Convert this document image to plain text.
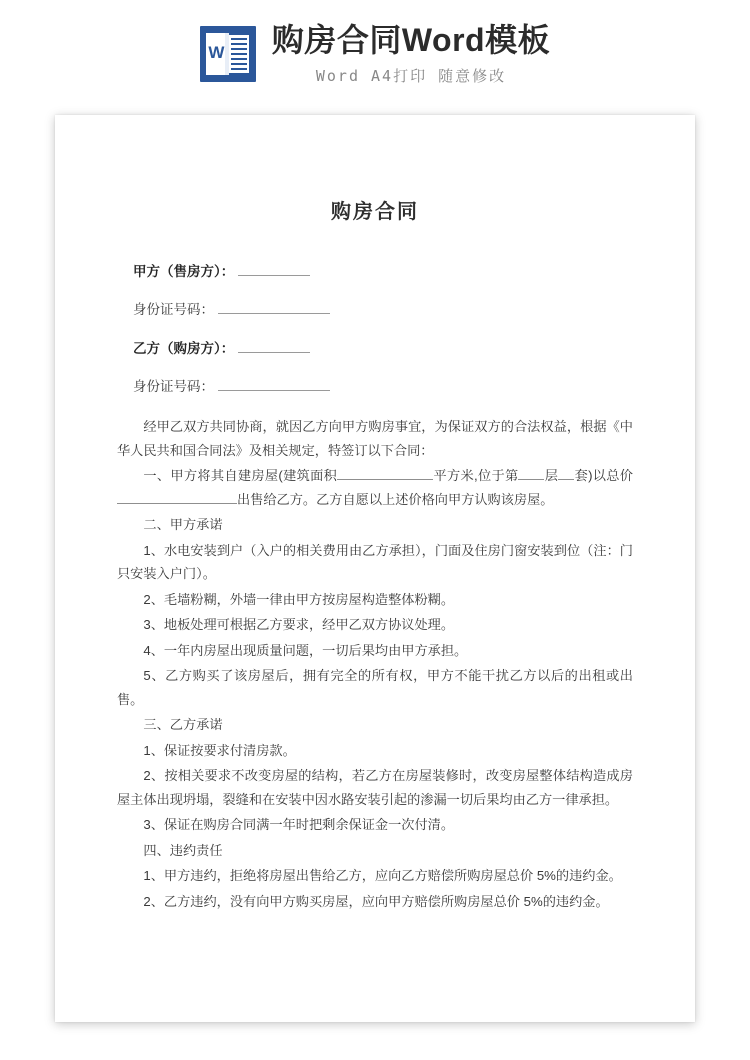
W 购房合同Word模板
Word A4打印 随意修改
购房合同
甲方（售房方）：
身份证号码：
乙方（购房方）：
身份证号码：

经甲乙双方共同协商，就因乙方向甲方购房事宜，为保证双方的合法权益，根据《中华人民共和国合同法》及相关规定，特签订以下合同：

一、甲方将其自建房屋(建筑面积	平方米,位于第 层 套)以总价出售给乙方。乙方自愿以上述价格向甲方认购该房屋。

二、甲方承诺

1、水电安装到户（入户的相关费用由乙方承担），门面及住房门窗安装到位（注：门只安装入户门）。

2、毛墙粉糊，外墙一律由甲方按房屋构造整体粉糊。

3、地板处理可根据乙方要求，经甲乙双方协议处理。

4、一年内房屋出现质量问题，一切后果均由甲方承担。

5、乙方购买了该房屋后，拥有完全的所有权，甲方不能干扰乙方以后的出租或出售。

三、乙方承诺

1、保证按要求付清房款。

2、按相关要求不改变房屋的结构，若乙方在房屋装修时，改变房屋整体结构造成房屋主体出现坍塌，裂缝和在安装中因水路安装引起的渗漏一切后果均由乙方一律承担。

3、保证在购房合同满一年时把剩余保证金一次付清。

四、违约责任

1、甲方违约，拒绝将房屋出售给乙方，应向乙方赔偿所购房屋总价 5%的违约金。

2、乙方违约，没有向甲方购买房屋，应向甲方赔偿所购房屋总价 5%的违约金。
